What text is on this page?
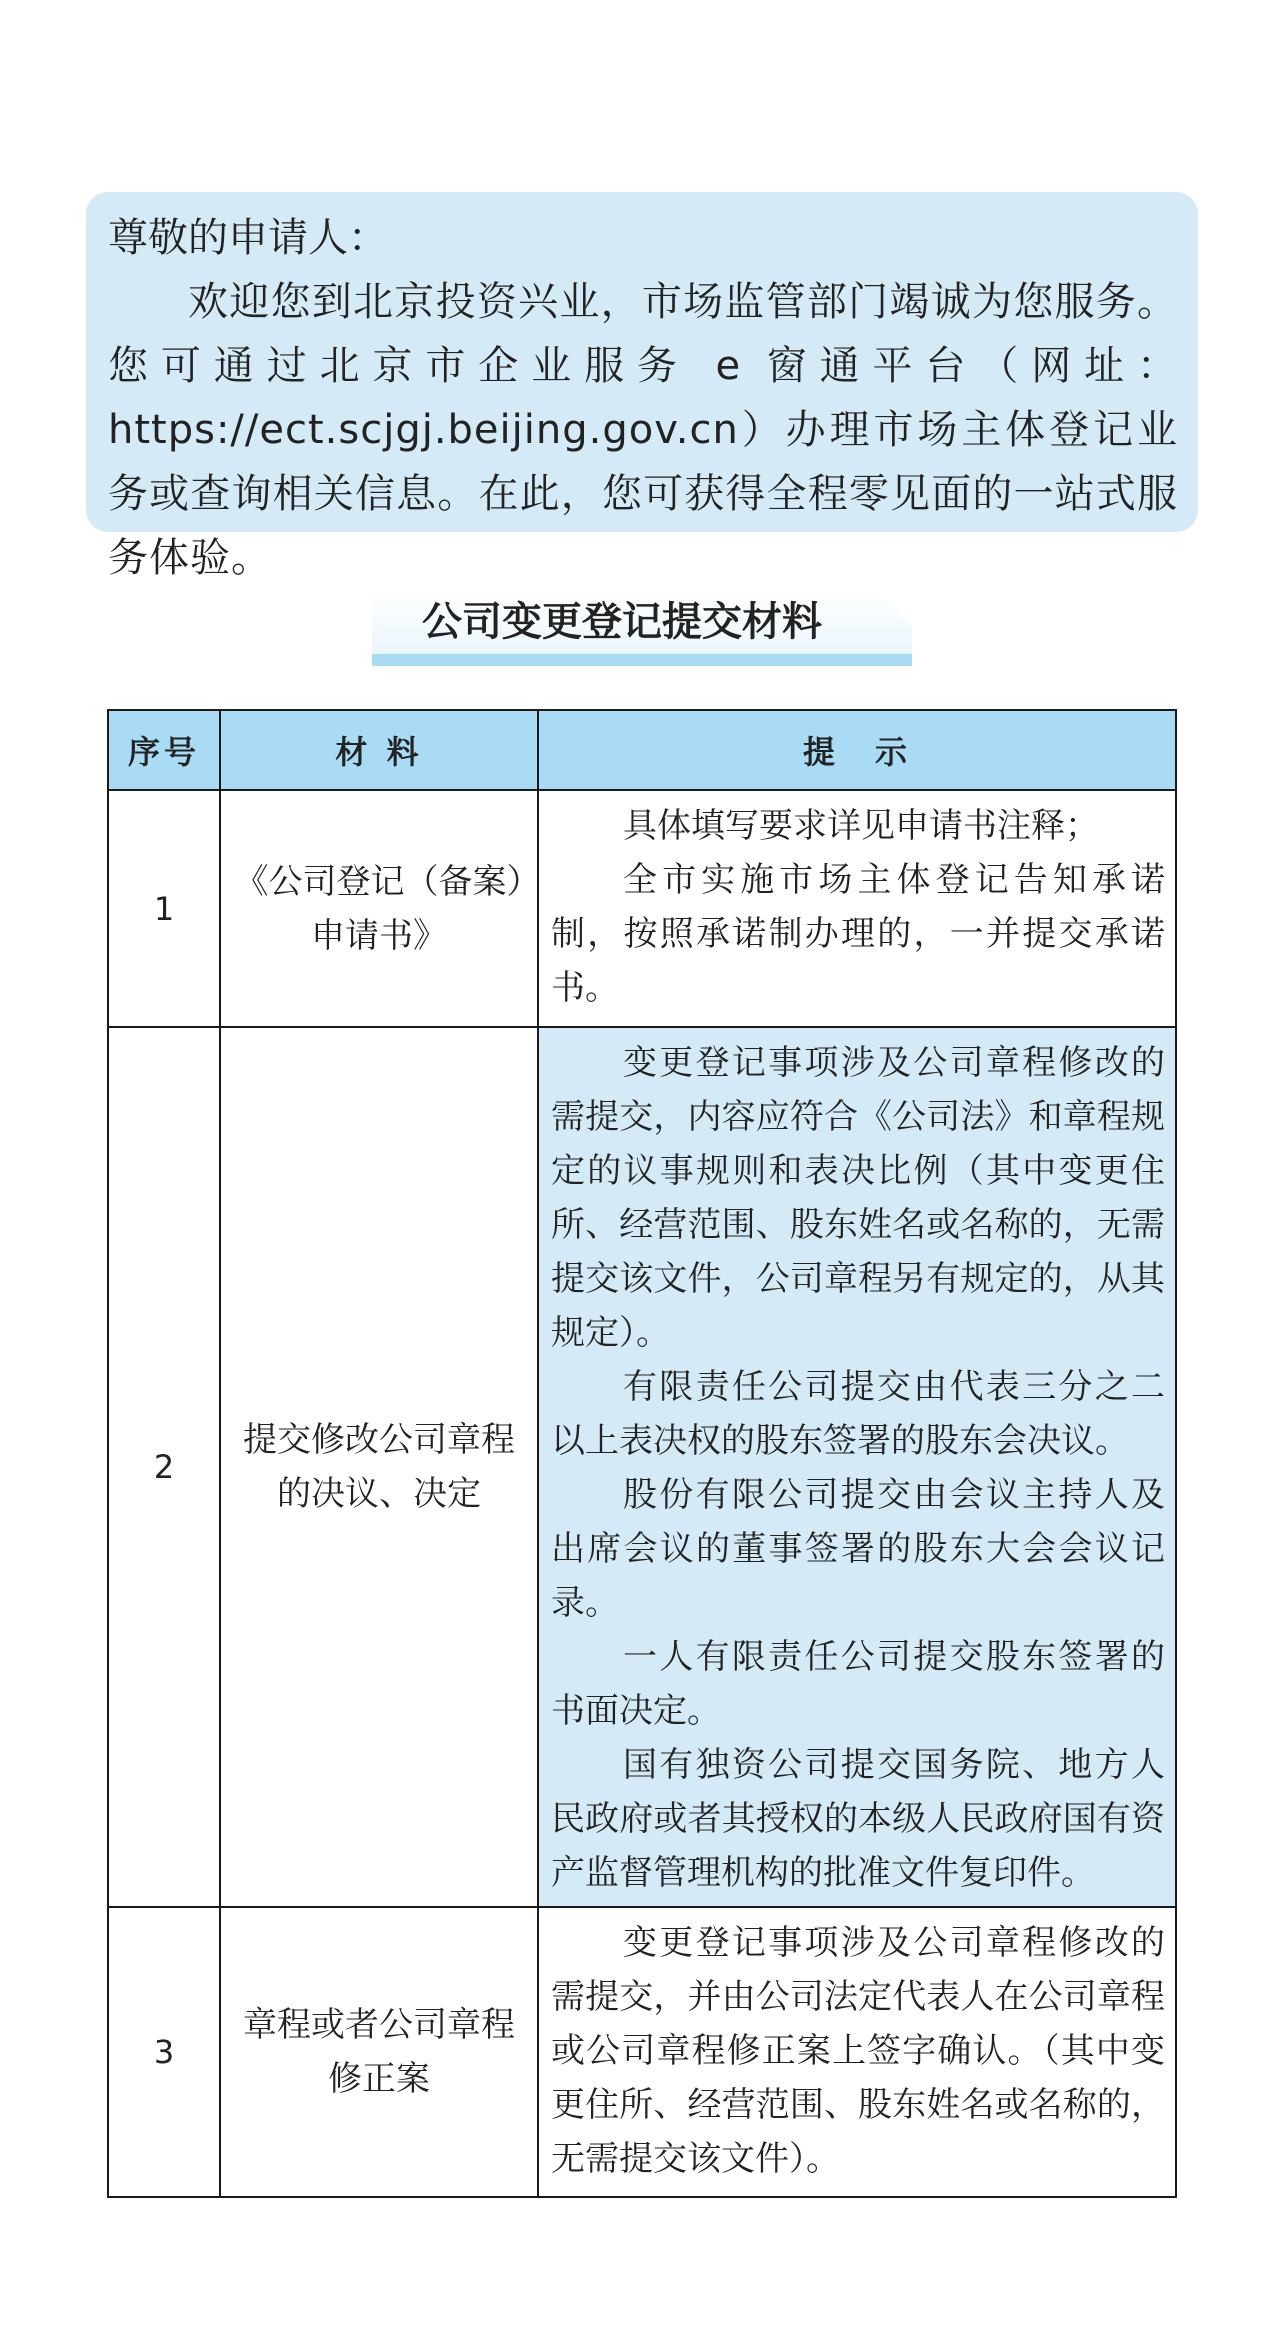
尊敬的申请人：

欢迎您到北京投资兴业，市场监管部门竭诚为您服务。您可通过北京市企业服务 e 窗通平台（网址：https://ect.scjgj.beijing.gov.cn）办理市场主体登记业务或查询相关信息。在此，您可获得全程零见面的一站式服务体验。

公司变更登记提交材料
序号	材 料	提　示
1	《公司登记（备案）申请书》	具体填写要求详见申请书注释；

全市实施市场主体登记告知承诺制，按照承诺制办理的，一并提交承诺书。

2	提交修改公司章程的决议、决定	变更登记事项涉及公司章程修改的需提交，内容应符合《公司法》和章程规定的议事规则和表决比例（其中变更住所、经营范围、股东姓名或名称的，无需提交该文件，公司章程另有规定的，从其规定）。

有限责任公司提交由代表三分之二以上表决权的股东签署的股东会决议。

股份有限公司提交由会议主持人及出席会议的董事签署的股东大会会议记录。

一人有限责任公司提交股东签署的书面决定。

国有独资公司提交国务院、地方人民政府或者其授权的本级人民政府国有资产监督管理机构的批准文件复印件。

3	章程或者公司章程修正案	变更登记事项涉及公司章程修改的需提交，并由公司法定代表人在公司章程或公司章程修正案上签字确认。（其中变更住所、经营范围、股东姓名或名称的，无需提交该文件）。
